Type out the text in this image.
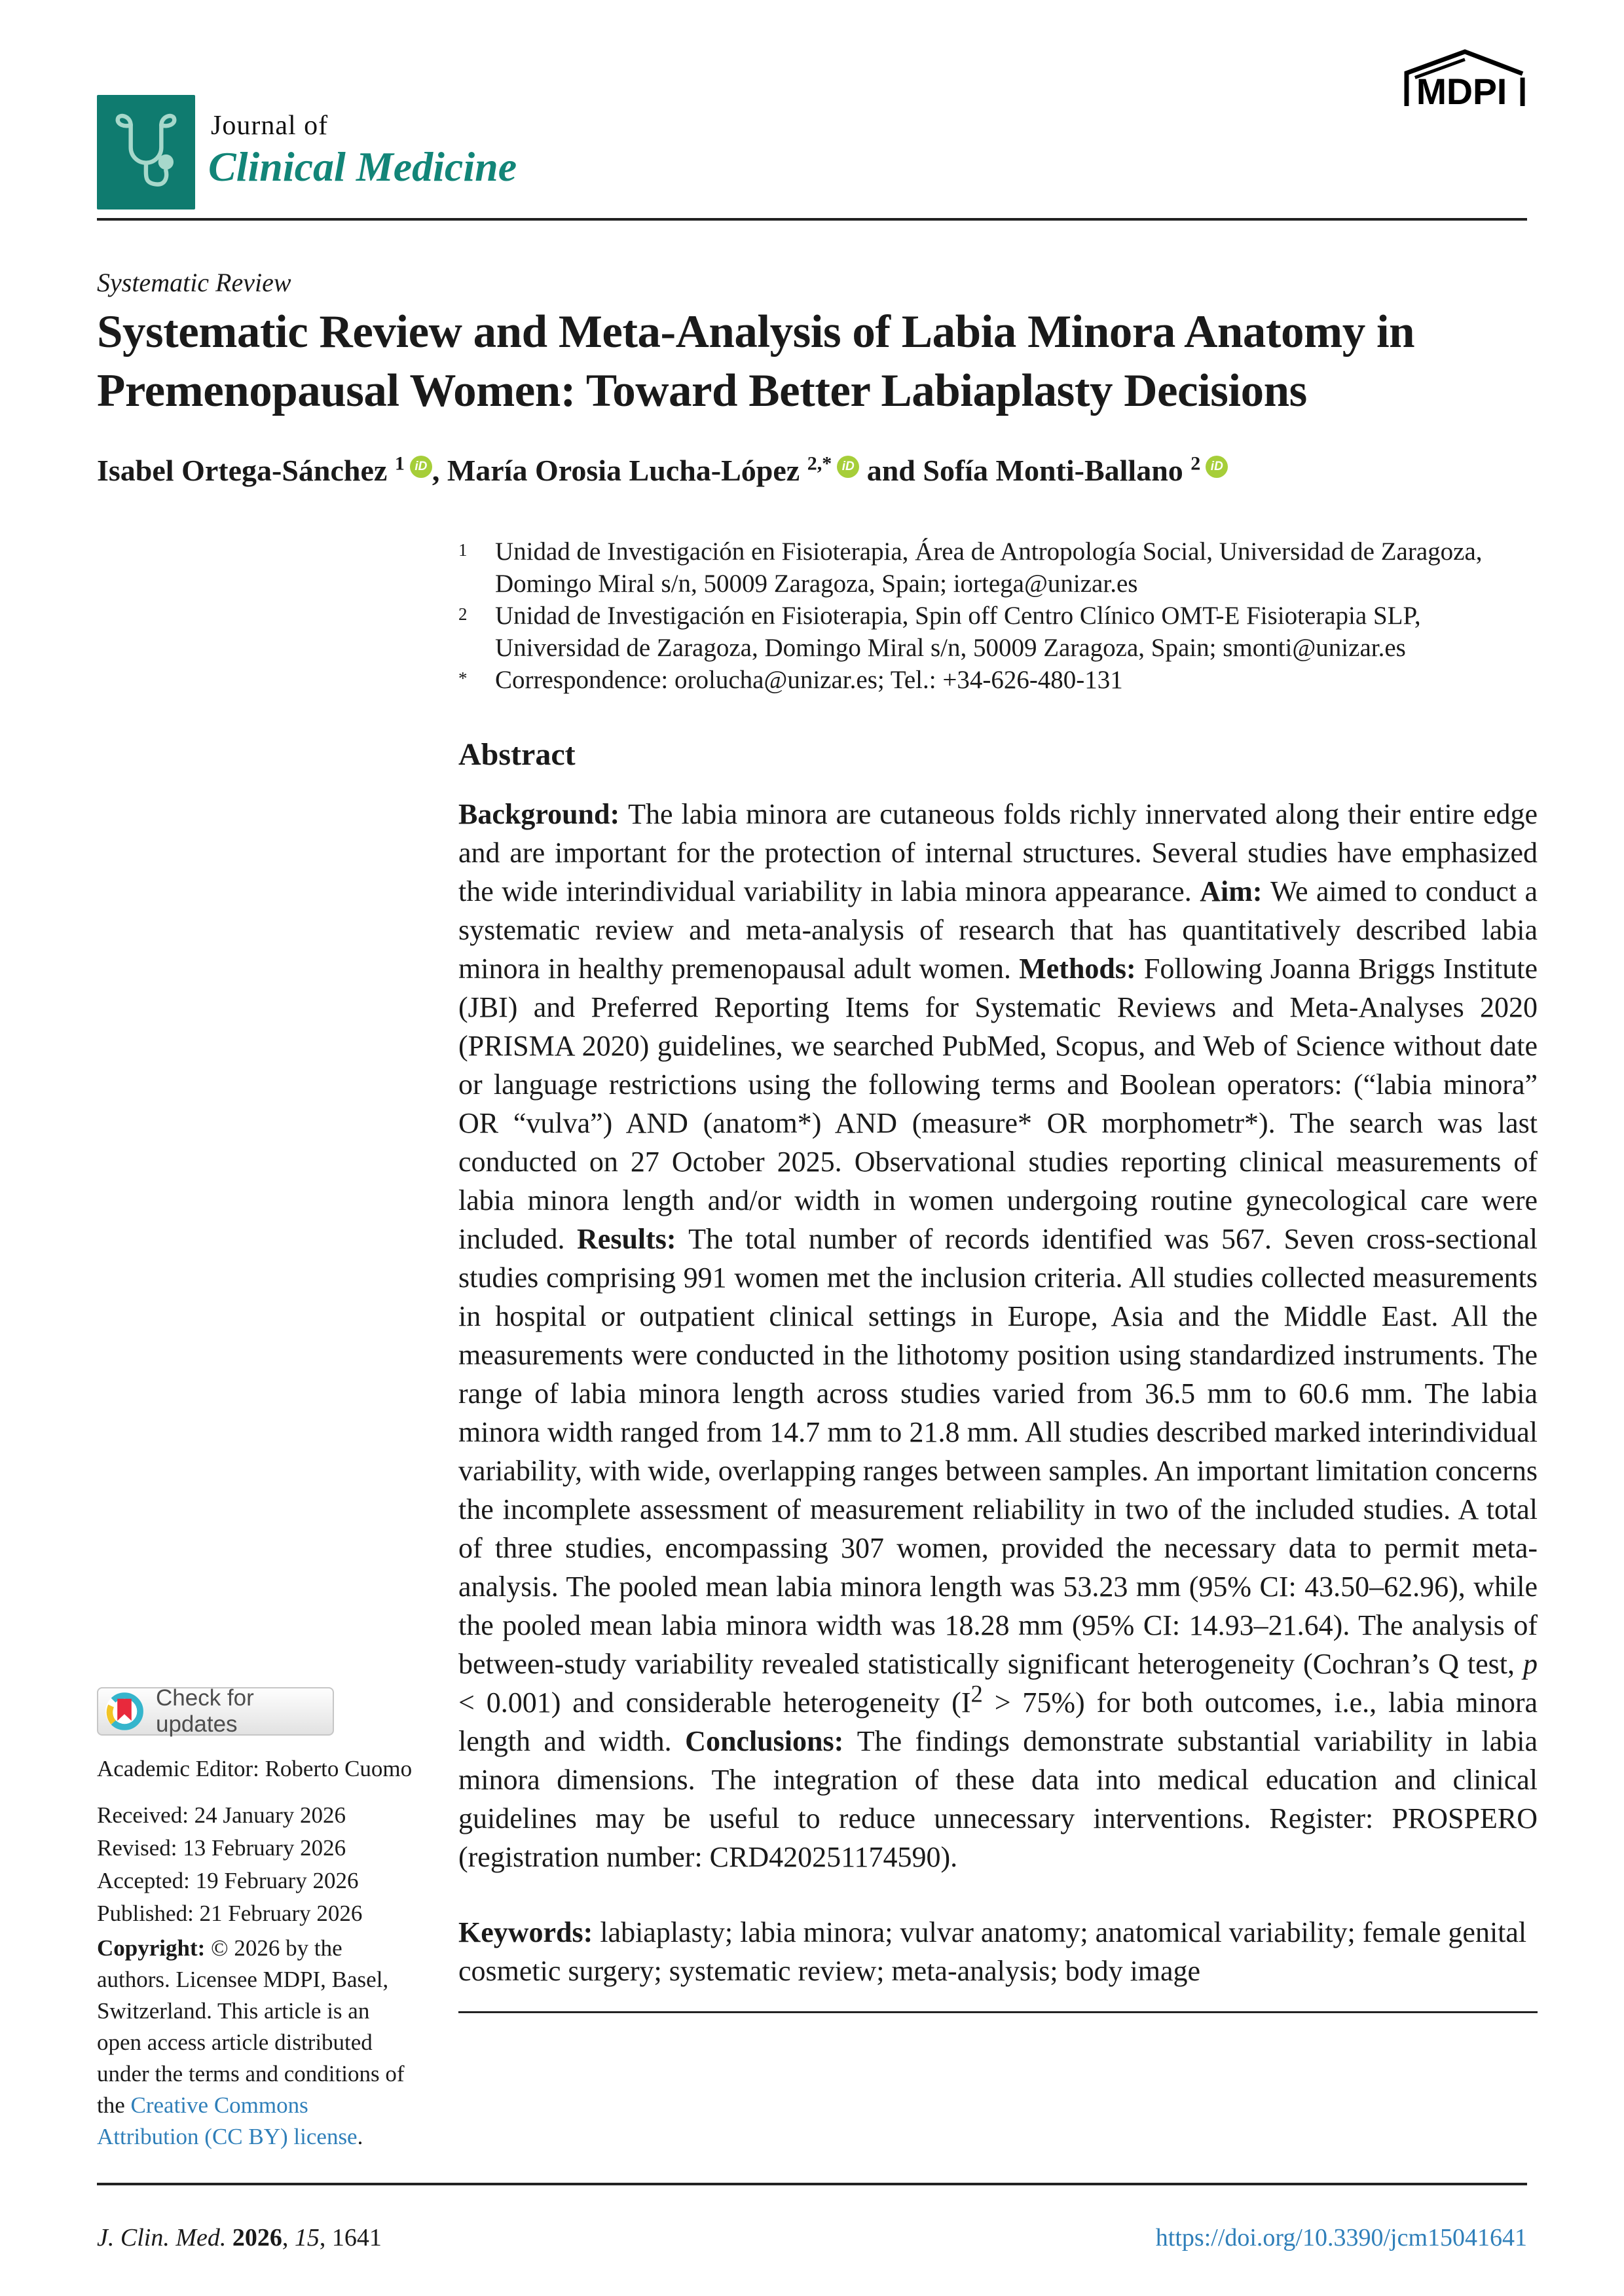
Journal of
Clinical Medicine
MDPI
Systematic Review
Systematic Review and Meta-Analysis of Labia Minora Anatomy in Premenopausal Women: Toward Better Labiaplasty Decisions
Isabel Ortega-Sánchez $^1$ iD , María Orosia Lucha-López $^{2,*}$ iD and Sofía Monti-Ballano $^2$ iD
1	Unidad de Investigación en Fisioterapia, Área de Antropología Social, Universidad de Zaragoza, Domingo Miral s/n, 50009 Zaragoza, Spain; iortega@unizar.es
2	Unidad de Investigación en Fisioterapia, Spin off Centro Clínico OMT-E Fisioterapia SLP, Universidad de Zaragoza, Domingo Miral s/n, 50009 Zaragoza, Spain; smonti@unizar.es
*	Correspondence: orolucha@unizar.es; Tel.: +34-626-480-131
Abstract
Background: The labia minora are cutaneous folds richly innervated along their entire edge and are important for the protection of internal structures. Several studies have emphasized the wide interindividual variability in labia minora appearance. Aim: We aimed to conduct a systematic review and meta-analysis of research that has quantitatively described labia minora in healthy premenopausal adult women. Methods: Following Joanna Briggs Institute (JBI) and Preferred Reporting Items for Systematic Reviews and Meta-Analyses 2020 (PRISMA 2020) guidelines, we searched PubMed, Scopus, and Web of Science without date or language restrictions using the following terms and Boolean operators: (“labia minora” OR “vulva”) AND (anatom*) AND (measure* OR morphometr*). The search was last conducted on 27 October 2025. Observational studies reporting clinical measurements of labia minora length and/or width in women undergoing routine gynecological care were included. Results: The total number of records identified was 567. Seven cross-sectional studies comprising 991 women met the inclusion criteria. All studies collected measurements in hospital or outpatient clinical settings in Europe, Asia and the Middle East. All the measurements were conducted in the lithotomy position using standardized instruments. The range of labia minora length across studies varied from 36.5 mm to 60.6 mm. The labia minora width ranged from 14.7 mm to 21.8 mm. All studies described marked interindividual variability, with wide, overlapping ranges between samples. An important limitation concerns the incomplete assessment of measurement reliability in two of the included studies. A total of three studies, encompassing 307 women, provided the necessary data to permit meta-analysis. The pooled mean labia minora length was 53.23 mm (95% CI: 43.50–62.96), while the pooled mean labia minora width was 18.28 mm (95% CI: 14.93–21.64). The analysis of between-study variability revealed statistically significant heterogeneity (Cochran’s Q test, p < 0.001) and considerable heterogeneity $(I^2 > 75\%)$ for both outcomes, i.e., labia minora length and width. Conclusions: The findings demonstrate substantial variability in labia minora dimensions. The integration of these data into medical education and clinical guidelines may be useful to reduce unnecessary interventions. Register: PROSPERO (registration number: CRD420251174590).
Keywords: labiaplasty; labia minora; vulvar anatomy; anatomical variability; female genital cosmetic surgery; systematic review; meta-analysis; body image
Check for updates
Academic Editor: Roberto Cuomo
Received: 24 January 2026
Revised: 13 February 2026
Accepted: 19 February 2026
Published: 21 February 2026
Copyright: © 2026 by the authors. Licensee MDPI, Basel, Switzerland. This article is an open access article distributed under the terms and conditions of the Creative Commons Attribution (CC BY) license.
J. Clin. Med. 2026, 15, 1641	https://doi.org/10.3390/jcm15041641
